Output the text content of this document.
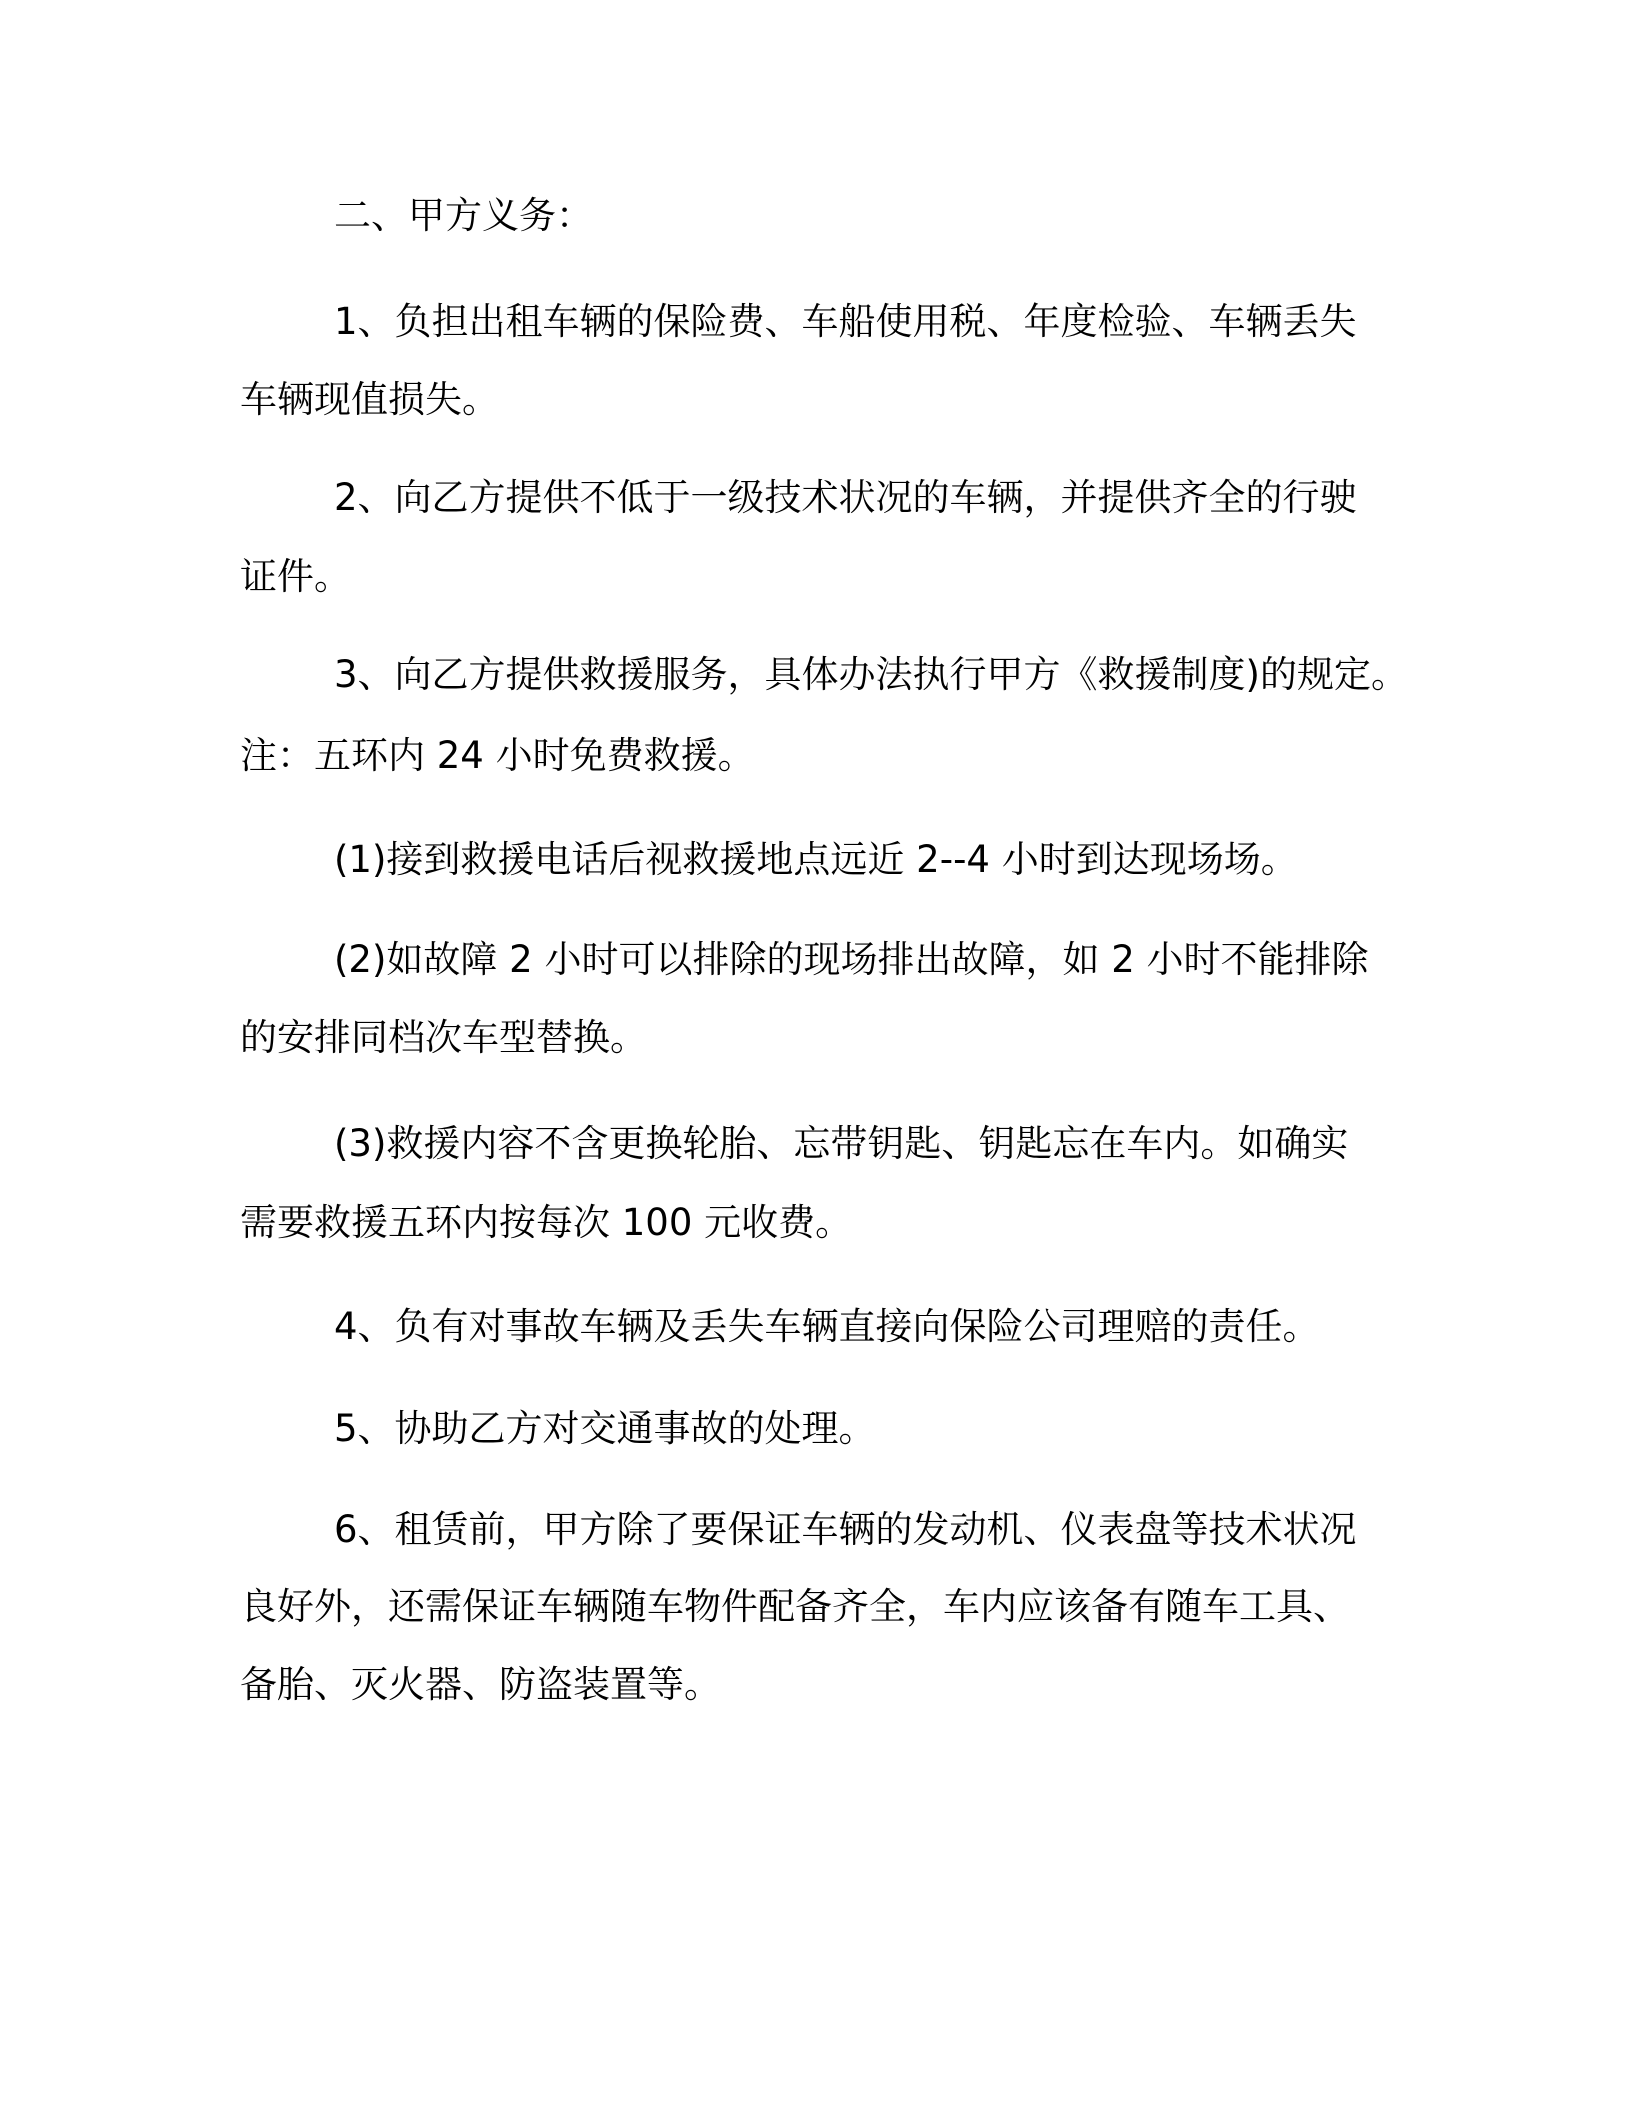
二、甲方义务：

1、负担出租车辆的保险费、车船使用税、年度检验、车辆丢失

车辆现值损失。

2、向乙方提供不低于一级技术状况的车辆，并提供齐全的行驶

证件。

3、向乙方提供救援服务，具体办法执行甲方《救援制度)的规定。

注：五环内 24 小时免费救援。

(1)接到救援电话后视救援地点远近 2--4 小时到达现场场。

(2)如故障 2 小时可以排除的现场排出故障，如 2 小时不能排除

的安排同档次车型替换。

(3)救援内容不含更换轮胎、忘带钥匙、钥匙忘在车内。如确实

需要救援五环内按每次 100 元收费。

4、负有对事故车辆及丢失车辆直接向保险公司理赔的责任。

5、协助乙方对交通事故的处理。

6、租赁前，甲方除了要保证车辆的发动机、仪表盘等技术状况

良好外，还需保证车辆随车物件配备齐全，车内应该备有随车工具、

备胎、灭火器、防盗装置等。
